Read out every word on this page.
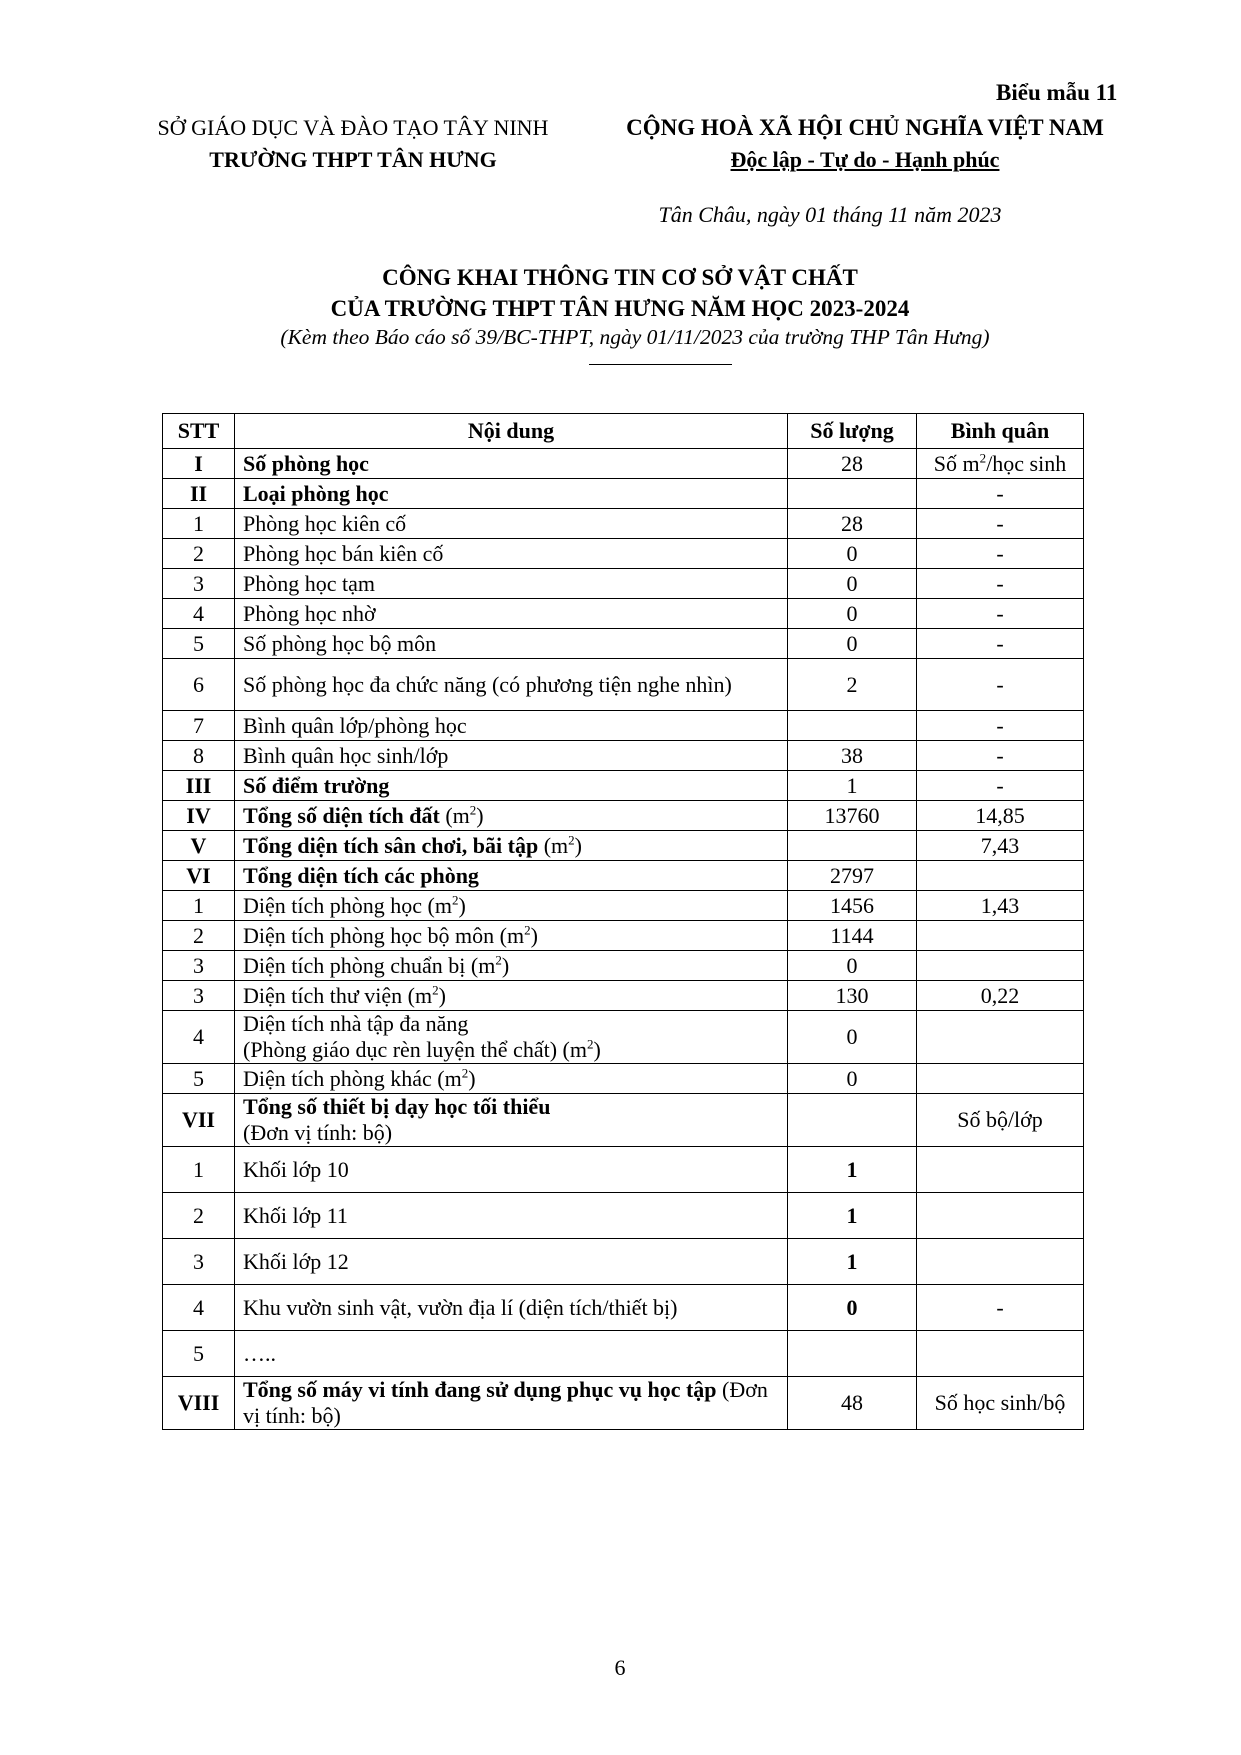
Biểu mẫu 11
SỞ GIÁO DỤC VÀ ĐÀO TẠO TÂY NINH
TRƯỜNG THPT TÂN HƯNG
CỘNG HOÀ XÃ HỘI CHỦ NGHĨA VIỆT NAM
Độc lập - Tự do - Hạnh phúc
Tân Châu, ngày 01 tháng 11 năm 2023
CÔNG KHAI THÔNG TIN CƠ SỞ VẬT CHẤT
CỦA TRƯỜNG THPT TÂN HƯNG NĂM HỌC 2023-2024
(Kèm theo Báo cáo số 39/BC-THPT, ngày 01/11/2023 của trường THP Tân Hưng)
STT	Nội dung	Số lượng	Bình quân
I	Số phòng học	28	Số $m^2$/học sinh
II	Loại phòng học		-
1	Phòng học kiên cố	28	-
2	Phòng học bán kiên cố	0	-
3	Phòng học tạm	0	-
4	Phòng học nhờ	0	-
5	Số phòng học bộ môn	0	-
6	Số phòng học đa chức năng (có phương tiện nghe nhìn)	2	-
7	Bình quân lớp/phòng học		-
8	Bình quân học sinh/lớp	38	-
III	Số điểm trường	1	-
IV	Tổng số diện tích đất $(m^2)$	13760	14,85
V	Tổng diện tích sân chơi, bãi tập $(m^2)$		7,43
VI	Tổng diện tích các phòng	2797	
1	Diện tích phòng học $(m^2)$	1456	1,43
2	Diện tích phòng học bộ môn $(m^2)$	1144	
3	Diện tích phòng chuẩn bị $(m^2)$	0	
3	Diện tích thư viện $(m^2)$	130	0,22
4	Diện tích nhà tập đa năng
(Phòng giáo dục rèn luyện thể chất) $(m^2)$	0	
5	Diện tích phòng khác $(m^2)$	0	
VII	Tổng số thiết bị dạy học tối thiểu
(Đơn vị tính: bộ)		Số bộ/lớp
1	Khối lớp 10	1	
2	Khối lớp 11	1	
3	Khối lớp 12	1	
4	Khu vườn sinh vật, vườn địa lí (diện tích/thiết bị)	0	-
5	…..		
VIII	Tổng số máy vi tính đang sử dụng phục vụ học tập (Đơn vị tính: bộ)	48	Số học sinh/bộ
6
